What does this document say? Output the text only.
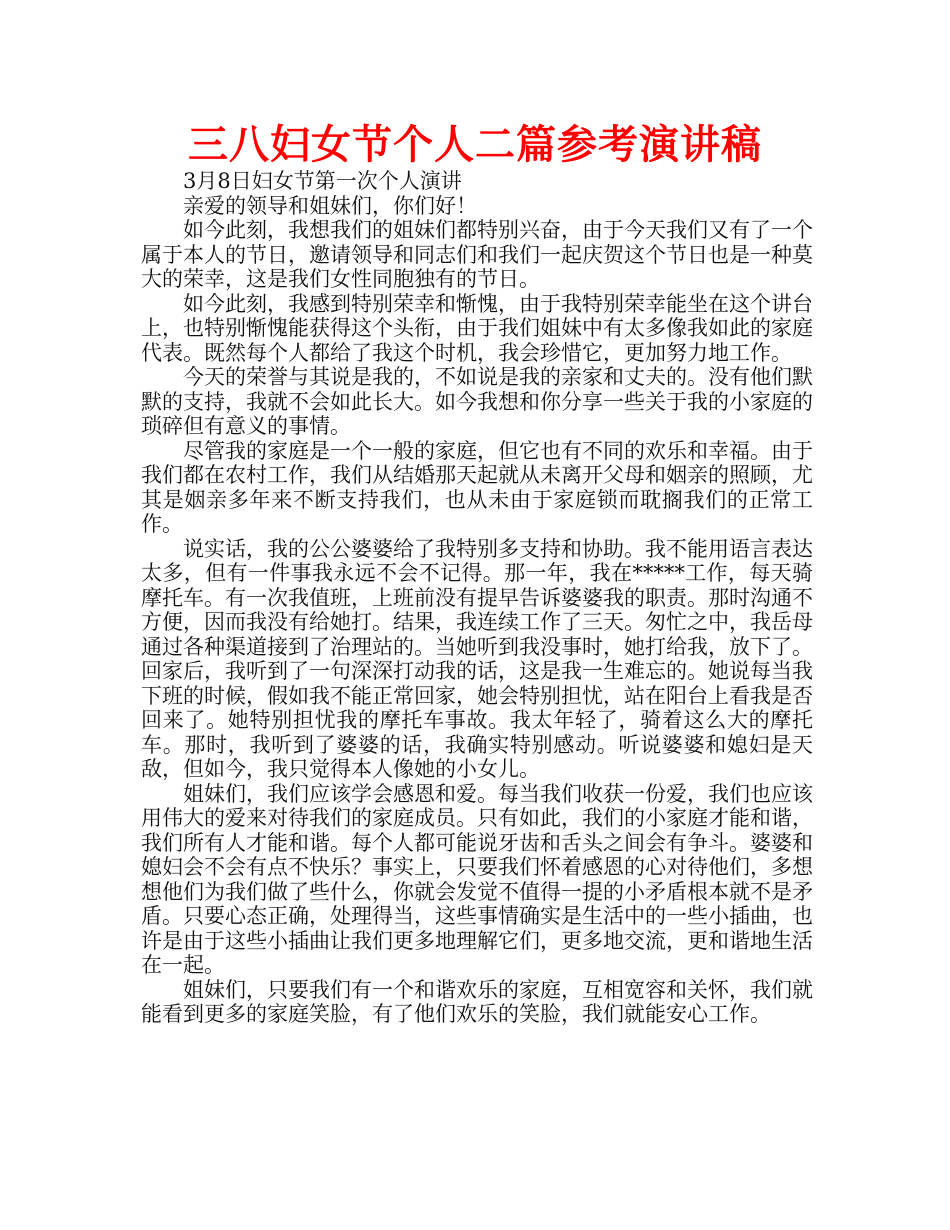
三八妇女节个人二篇参考演讲稿

3月8日妇女节第一次个人演讲

亲爱的领导和姐妹们，你们好！

如今此刻，我想我们的姐妹们都特别兴奋，由于今天我们又有了一个属于本人的节日，邀请领导和同志们和我们一起庆贺这个节日也是一种莫大的荣幸，这是我们女性同胞独有的节日。

如今此刻，我感到特别荣幸和惭愧，由于我特别荣幸能坐在这个讲台上，也特别惭愧能获得这个头衔，由于我们姐妹中有太多像我如此的家庭代表。既然每个人都给了我这个时机，我会珍惜它，更加努力地工作。

今天的荣誉与其说是我的，不如说是我的亲家和丈夫的。没有他们默默的支持，我就不会如此长大。如今我想和你分享一些关于我的小家庭的琐碎但有意义的事情。

尽管我的家庭是一个一般的家庭，但它也有不同的欢乐和幸福。由于我们都在农村工作，我们从结婚那天起就从未离开父母和姻亲的照顾，尤其是姻亲多年来不断支持我们，也从未由于家庭锁而耽搁我们的正常工作。

说实话，我的公公婆婆给了我特别多支持和协助。我不能用语言表达太多，但有一件事我永远不会不记得。那一年，我在*****工作，每天骑摩托车。有一次我值班，上班前没有提早告诉婆婆我的职责。那时沟通不方便，因而我没有给她打。结果，我连续工作了三天。匆忙之中，我岳母通过各种渠道接到了治理站的。当她听到我没事时，她打给我，放下了。回家后，我听到了一句深深打动我的话，这是我一生难忘的。她说每当我下班的时候，假如我不能正常回家，她会特别担忧，站在阳台上看我是否回来了。她特别担忧我的摩托车事故。我太年轻了，骑着这么大的摩托车。那时，我听到了婆婆的话，我确实特别感动。听说婆婆和媳妇是天敌，但如今，我只觉得本人像她的小女儿。

姐妹们，我们应该学会感恩和爱。每当我们收获一份爱，我们也应该用伟大的爱来对待我们的家庭成员。只有如此，我们的小家庭才能和谐，我们所有人才能和谐。每个人都可能说牙齿和舌头之间会有争斗。婆婆和媳妇会不会有点不快乐？事实上，只要我们怀着感恩的心对待他们，多想想他们为我们做了些什么，你就会发觉不值得一提的小矛盾根本就不是矛盾。只要心态正确，处理得当，这些事情确实是生活中的一些小插曲，也许是由于这些小插曲让我们更多地理解它们，更多地交流，更和谐地生活在一起。

姐妹们，只要我们有一个和谐欢乐的家庭，互相宽容和关怀，我们就能看到更多的家庭笑脸，有了他们欢乐的笑脸，我们就能安心工作。
